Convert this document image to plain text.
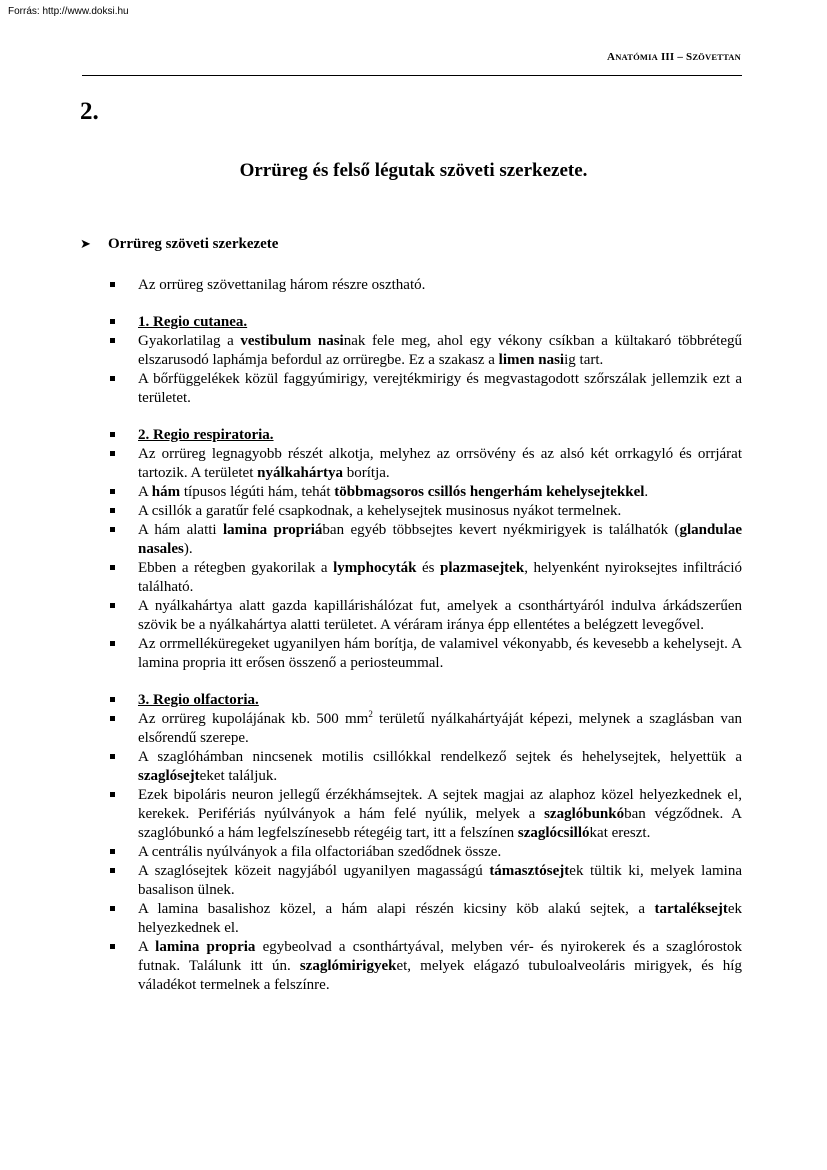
Forrás: http://www.doksi.hu
ANATÓMIA III – SZÖVETTAN
2.
Orrüreg és felső légutak szöveti szerkezete.
➤ Orrüreg szöveti szerkezete
Az orrüreg szövettanilag három részre osztható.
1. Regio cutanea.
Gyakorlatilag a vestibulum nasinak fele meg, ahol egy vékony csíkban a kültakaró többrétegű elszarusodó laphámja befordul az orrüregbe. Ez a szakasz a limen nasiig tart.
A bőrfüggelékek közül faggyúmirigy, verejtékmirigy és megvastagodott szőrszálak jellemzik ezt a területet.
2. Regio respiratoria.
Az orrüreg legnagyobb részét alkotja, melyhez az orrsövény és az alsó két orrkagyló és orrjárat tartozik. A területet nyálkahártya borítja.
A hám típusos légúti hám, tehát többmagsoros csillós hengerhám kehelysejtekkel.
A csillók a garatűr felé csapkodnak, a kehelysejtek musinosus nyákot termelnek.
A hám alatti lamina propriában egyéb többsejtes kevert nyékmirigyek is találhatók (glandulae nasales).
Ebben a rétegben gyakorilak a lymphocyták és plazmasejtek, helyenként nyiroksejtes infiltráció található.
A nyálkahártya alatt gazda kapillárishálózat fut, amelyek a csonthártyáról indulva árkádszerűen szövik be a nyálkahártya alatti területet. A véráram iránya épp ellentétes a belégzett levegővel.
Az orrmelléküregeket ugyanilyen hám borítja, de valamivel vékonyabb, és kevesebb a kehelysejt. A lamina propria itt erősen összenő a periosteummal.
3. Regio olfactoria.
Az orrüreg kupolájának kb. 500 $mm^2$ területű nyálkahártyáját képezi, melynek a szaglásban van elsőrendű szerepe.
A szaglóhámban nincsenek motilis csillókkal rendelkező sejtek és hehelysejtek, helyettük a szaglósejteket találjuk.
Ezek bipoláris neuron jellegű érzékhámsejtek. A sejtek magjai az alaphoz közel helyezkednek el, kerekek. Perifériás nyúlványok a hám felé nyúlik, melyek a szaglóbunkóban végződnek. A szaglóbunkó a hám legfelszínesebb rétegéig tart, itt a felszínen szaglócsillókat ereszt.
A centrális nyúlványok a fila olfactoriában szedődnek össze.
A szaglósejtek közeit nagyjából ugyanilyen magasságú támasztósejtek tültik ki, melyek lamina basalison ülnek.
A lamina basalishoz közel, a hám alapi részén kicsiny köb alakú sejtek, a tartaléksejtek helyezkednek el.
A lamina propria egybeolvad a csonthártyával, melyben vér- és nyirokerek és a szaglórostok futnak. Találunk itt ún. szaglómirigyeket, melyek elágazó tubuloalveoláris mirigyek, és híg váladékot termelnek a felszínre.
